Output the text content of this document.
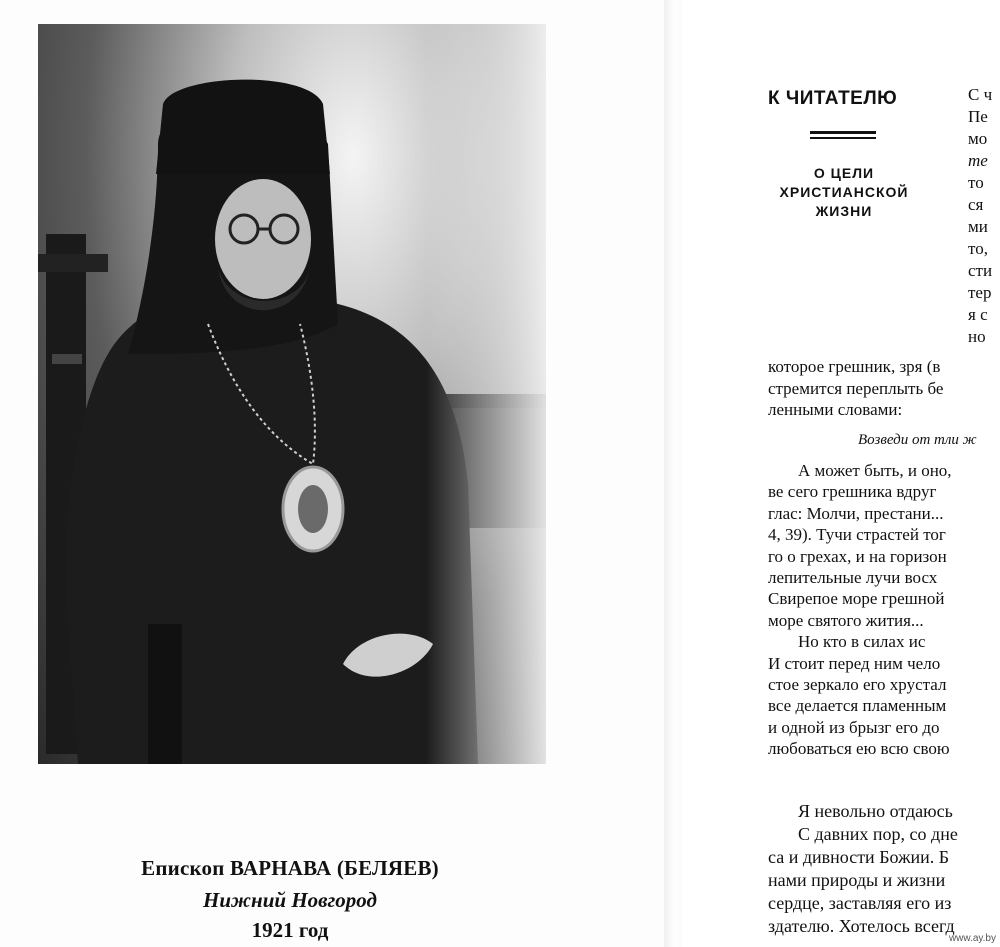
Епископ ВАРНАВА (БЕЛЯЕВ)
Нижний Новгород
1921 год
К ЧИТАТЕЛЮ
О ЦЕЛИ
ХРИСТИАНСКОЙ
ЖИЗНИ
С ч
Пе
мо
те
то
ся
ми
то,
сти
тер
я с
но
которое грешник, зря (в
стремится переплыть бе
ленными словами:
Возведи от тли ж
А может быть, и оно,
ве сего грешника вдруг
глас: Молчи, престани...
4, 39). Тучи страстей тог
го о грехах, и на горизон
лепительные лучи восх
Свирепое море грешной
море святого жития...
Но кто в силах ис
И стоит перед ним чело
стое зеркало его хрустал
все делается пламенным
и одной из брызг его до
любоваться ею всю свою
Я невольно отдаюсь
С давних пор, со дне
са и дивности Божии. Б
нами природы и жизни
сердце, заставляя его из
здателю. Хотелось всегд
www.ay.by
